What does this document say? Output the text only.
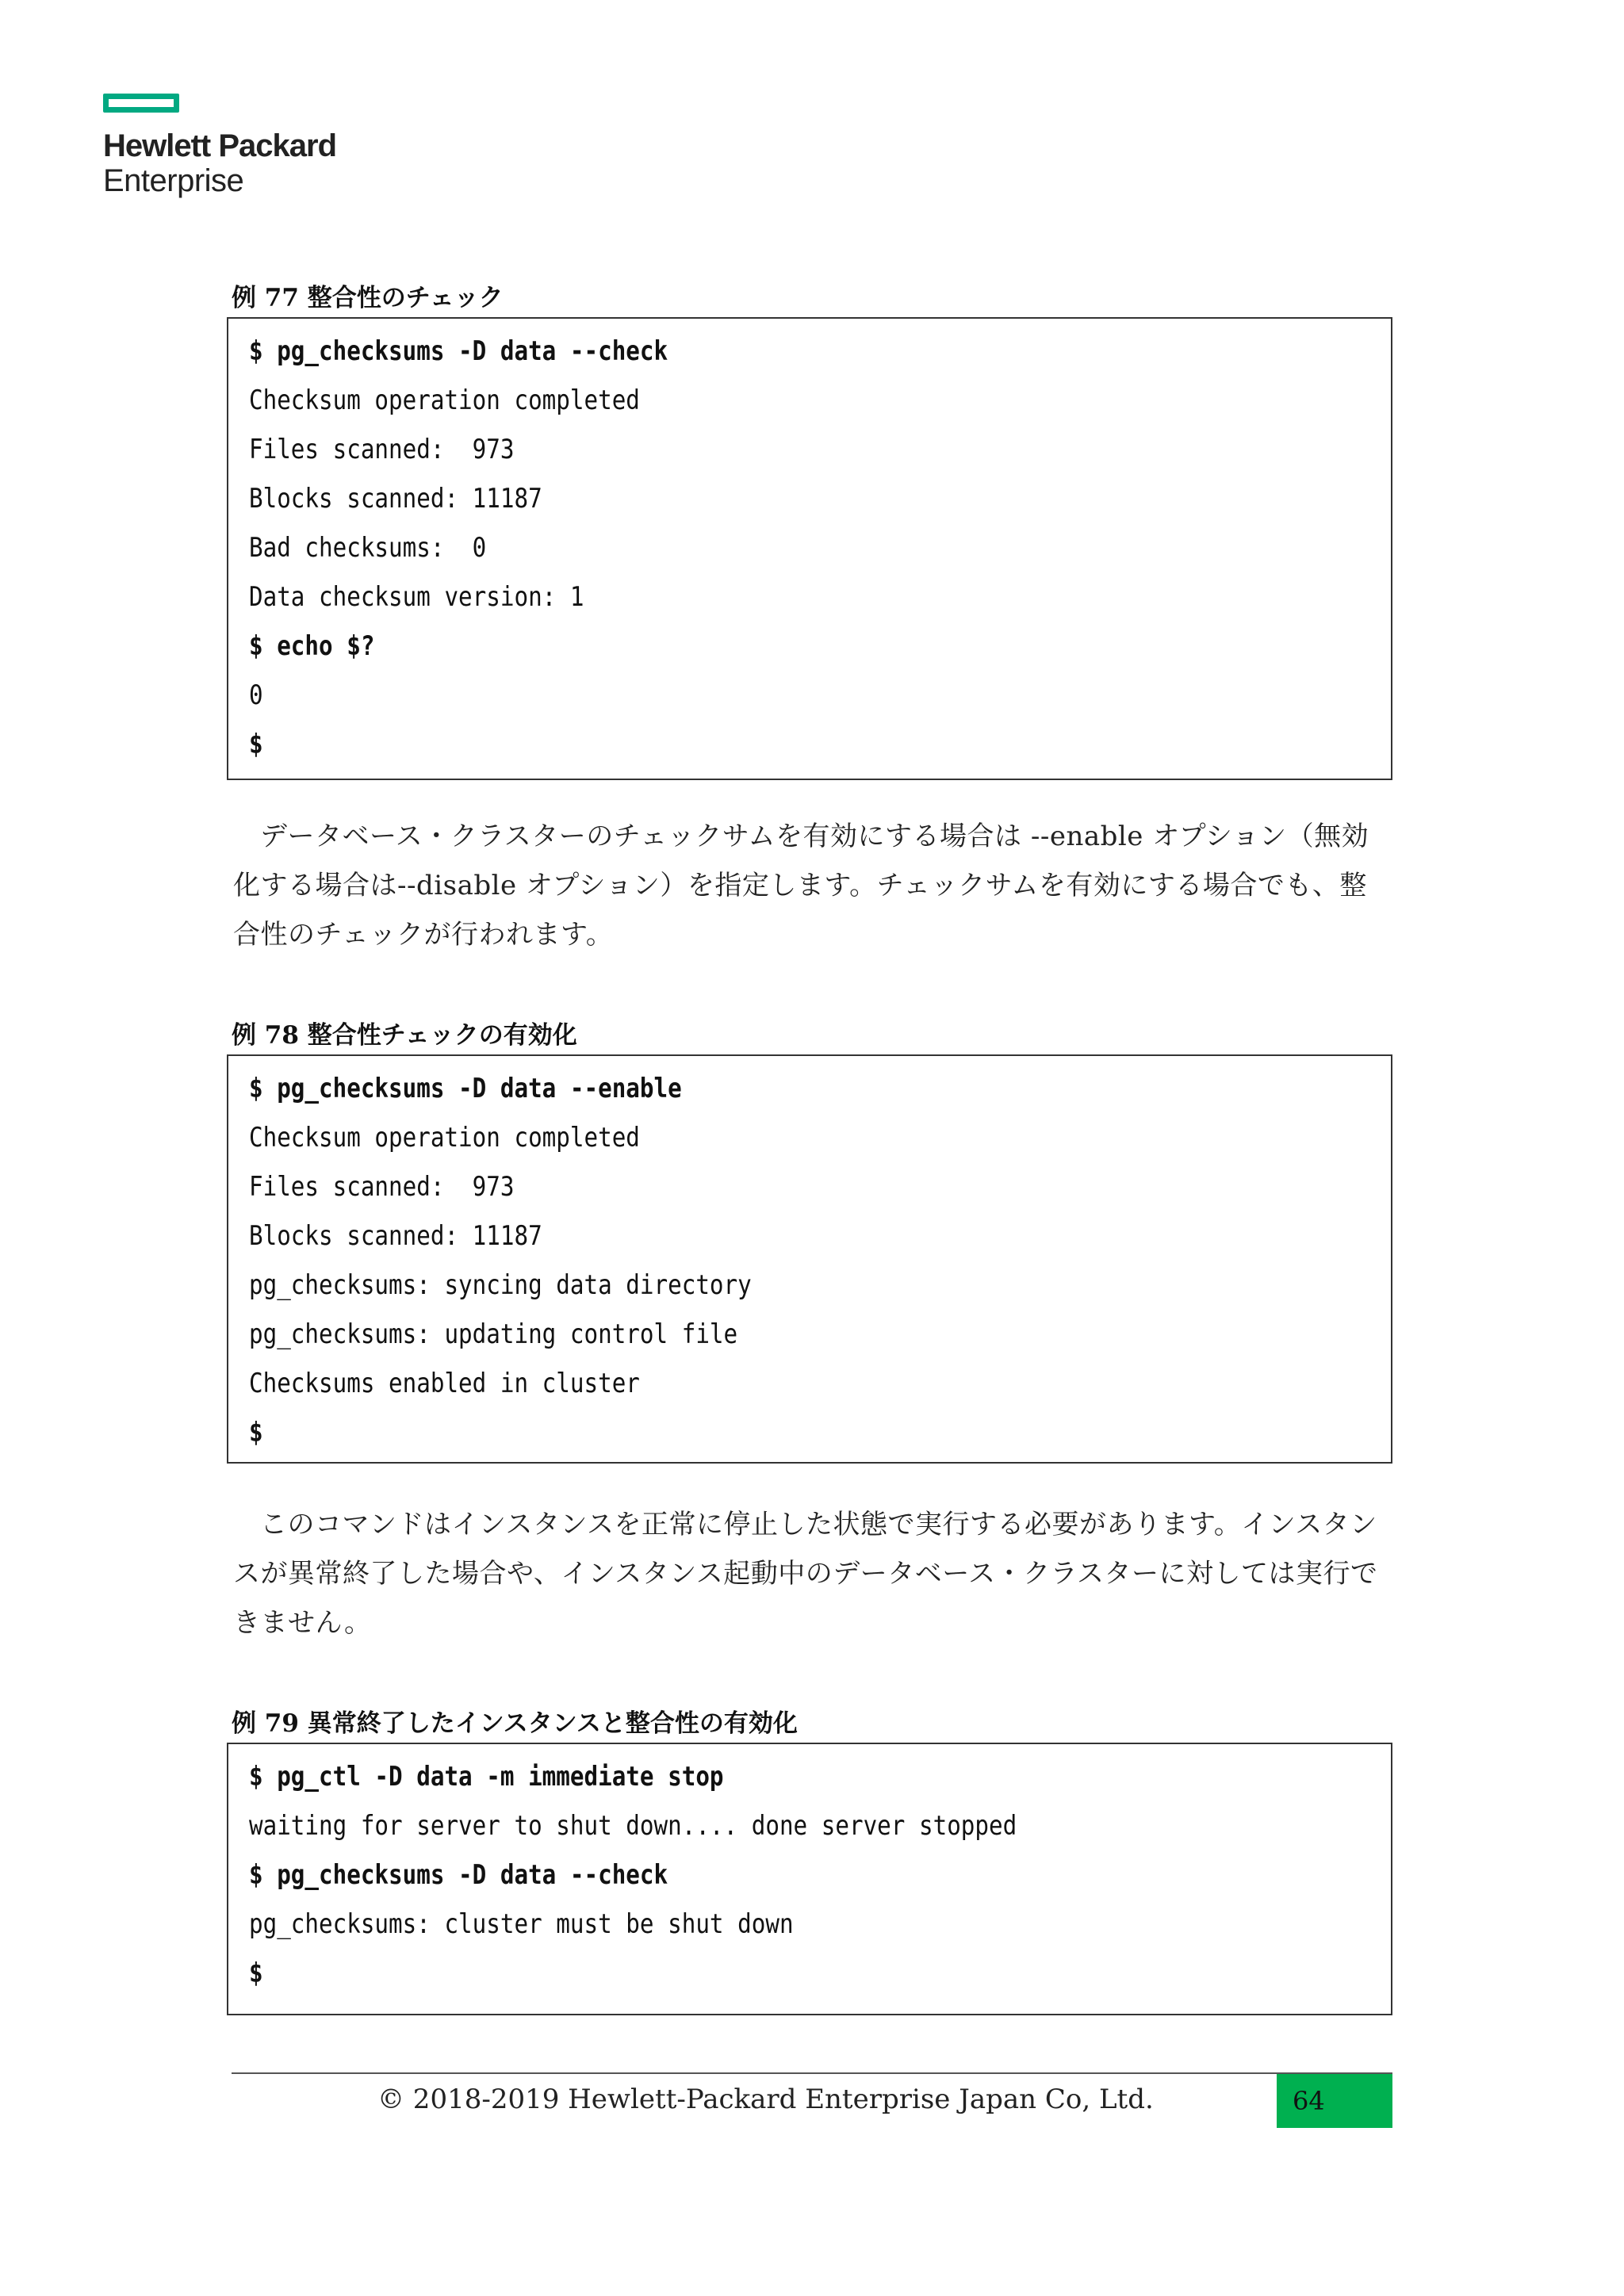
Hewlett Packard
Enterprise
例 77 整合性のチェック
$ pg_checksums -D data --check
Checksum operation completed
Files scanned:  973
Blocks scanned: 11187
Bad checksums:  0
Data checksum version: 1
$ echo $?
0
$
データベース・クラスターのチェックサムを有効にする場合は --enable オプション（無効化する場合は--disable オプション）を指定します。チェックサムを有効にする場合でも、整合性のチェックが行われます。
例 78 整合性チェックの有効化
$ pg_checksums -D data --enable
Checksum operation completed
Files scanned:  973
Blocks scanned: 11187
pg_checksums: syncing data directory
pg_checksums: updating control file
Checksums enabled in cluster
$
このコマンドはインスタンスを正常に停止した状態で実行する必要があります。インスタンスが異常終了した場合や、インスタンス起動中のデータベース・クラスターに対しては実行できません。
例 79 異常終了したインスタンスと整合性の有効化
$ pg_ctl -D data -m immediate stop
waiting for server to shut down.... done server stopped
$ pg_checksums -D data --check
pg_checksums: cluster must be shut down
$
© 2018-2019 Hewlett-Packard Enterprise Japan Co, Ltd.	64
